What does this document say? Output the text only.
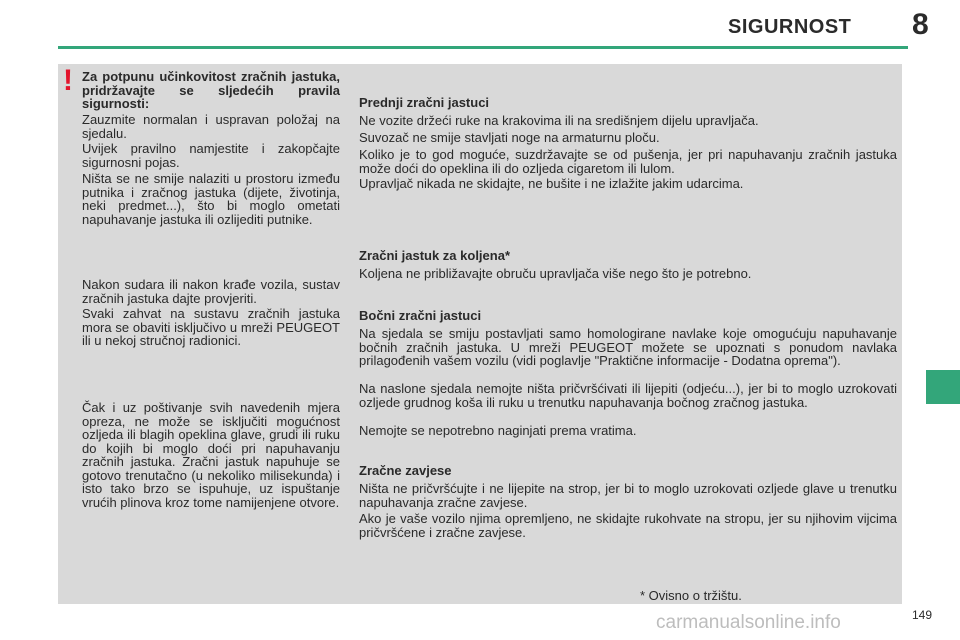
SIGURNOST 8
! Za potpunu učinkovitost zračnih jastuka, pridržavajte se sljedećih pravila sigurnosti:

Zauzmite normalan i uspravan položaj na sjedalu.

Uvijek pravilno namjestite i zakopčajte sigurnosni pojas.

Ništa se ne smije nalaziti u prostoru između putnika i zračnog jastuka (dijete, životinja, neki predmet...), što bi moglo ometati napuhavanje jastuka ili ozlijediti putnike.

Nakon sudara ili nakon krađe vozila, sustav zračnih jastuka dajte provjeriti.

Svaki zahvat na sustavu zračnih jastuka mora se obaviti isključivo u mreži PEUGEOT ili u nekoj stručnoj radionici.

Čak i uz poštivanje svih navedenih mjera opreza, ne može se isključiti mogućnost ozljeda ili blagih opeklina glave, grudi ili ruku do kojih bi moglo doći pri napuhavanju zračnih jastuka. Zračni jastuk napuhuje se gotovo trenutačno (u nekoliko milisekunda) i isto tako brzo se ispuhuje, uz ispuštanje vrućih plinova kroz tome namijenjene otvore.

Prednji zračni jastuci

Ne vozite držeći ruke na krakovima ili na središnjem dijelu upravljača.

Suvozač ne smije stavljati noge na armaturnu ploču.

Koliko je to god moguće, suzdržavajte se od pušenja, jer pri napuhavanju zračnih jastuka može doći do opeklina ili do ozljeda cigaretom ili lulom.

Upravljač nikada ne skidajte, ne bušite i ne izlažite jakim udarcima.

Zračni jastuk za koljena*

Koljena ne približavajte obruču upravljača više nego što je potrebno.

Bočni zračni jastuci

Na sjedala se smiju postavljati samo homologirane navlake koje omogućuju napuhavanje bočnih zračnih jastuka. U mreži PEUGEOT možete se upoznati s ponudom navlaka prilagođenih vašem vozilu (vidi poglavlje "Praktične informacije - Dodatna oprema").

Na naslone sjedala nemojte ništa pričvršćivati ili lijepiti (odjeću...), jer bi to moglo uzrokovati ozljede grudnog koša ili ruku u trenutku napuhavanja bočnog zračnog jastuka.

Nemojte se nepotrebno naginjati prema vratima.

Zračne zavjese

Ništa ne pričvršćujte i ne lijepite na strop, jer bi to moglo uzrokovati ozljede glave u trenutku napuhavanja zračne zavjese.

Ako je vaše vozilo njima opremljeno, ne skidajte rukohvate na stropu, jer su njihovim vijcima pričvršćene i zračne zavjese.

* Ovisno o tržištu.
149
carmanualsonline.info
